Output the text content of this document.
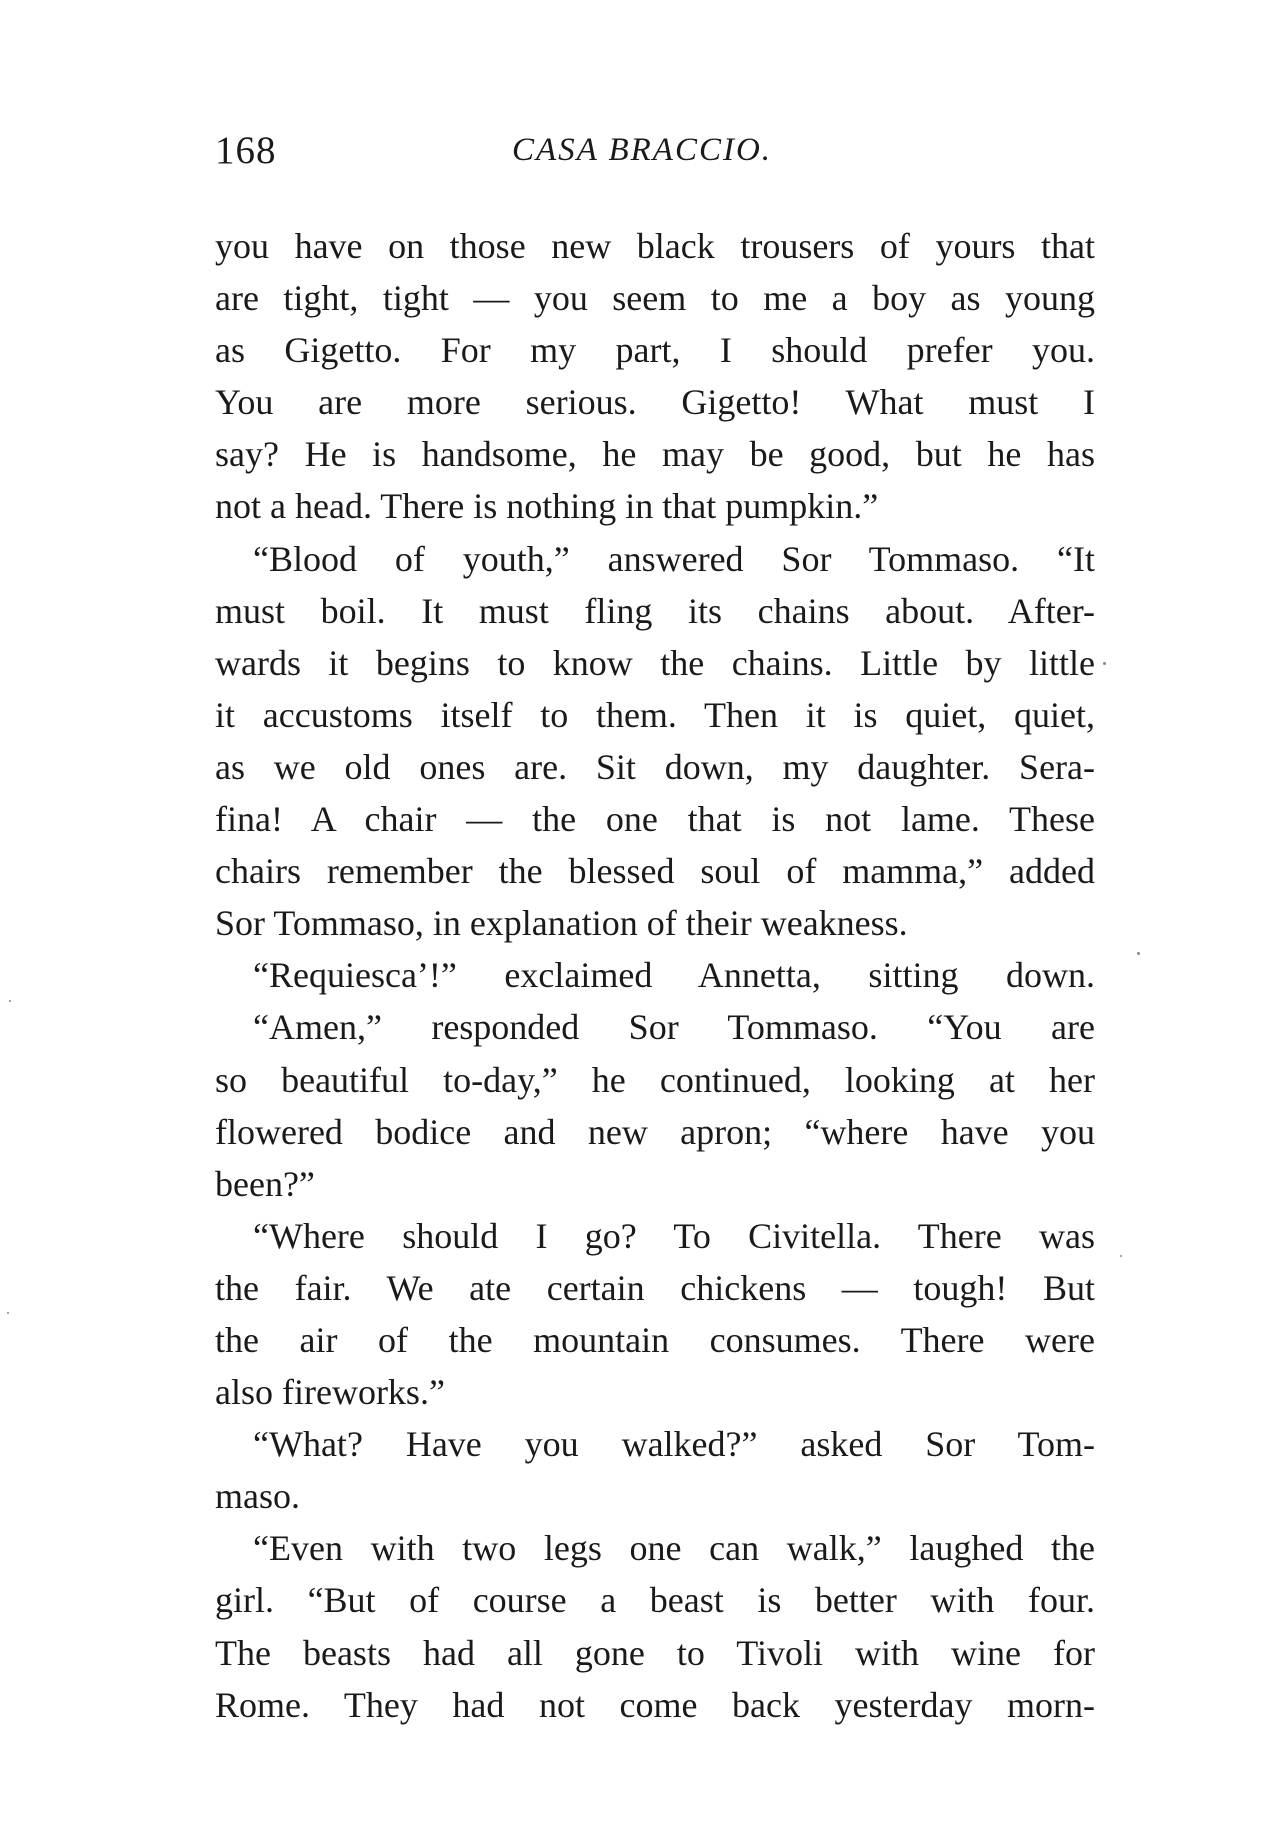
168	CASA BRACCIO.
you have on those new black trousers of yours that
are tight, tight — you seem to me a boy as young
as Gigetto. For my part, I should prefer you.
You are more serious. Gigetto! What must I
say? He is handsome, he may be good, but he has
not a head. There is nothing in that pumpkin.”
“Blood of youth,” answered Sor Tommaso. “It
must boil. It must fling its chains about. After-
wards it begins to know the chains. Little by little
it accustoms itself to them. Then it is quiet, quiet,
as we old ones are. Sit down, my daughter. Sera-
fina! A chair — the one that is not lame. These
chairs remember the blessed soul of mamma,” added
Sor Tommaso, in explanation of their weakness.
“Requiesca’!” exclaimed Annetta, sitting down.
“Amen,” responded Sor Tommaso. “You are
so beautiful to-day,” he continued, looking at her
flowered bodice and new apron; “where have you
been?”
“Where should I go? To Civitella. There was
the fair. We ate certain chickens — tough! But
the air of the mountain consumes. There were
also fireworks.”
“What? Have you walked?” asked Sor Tom-
maso.
“Even with two legs one can walk,” laughed the
girl. “But of course a beast is better with four.
The beasts had all gone to Tivoli with wine for
Rome. They had not come back yesterday morn-
